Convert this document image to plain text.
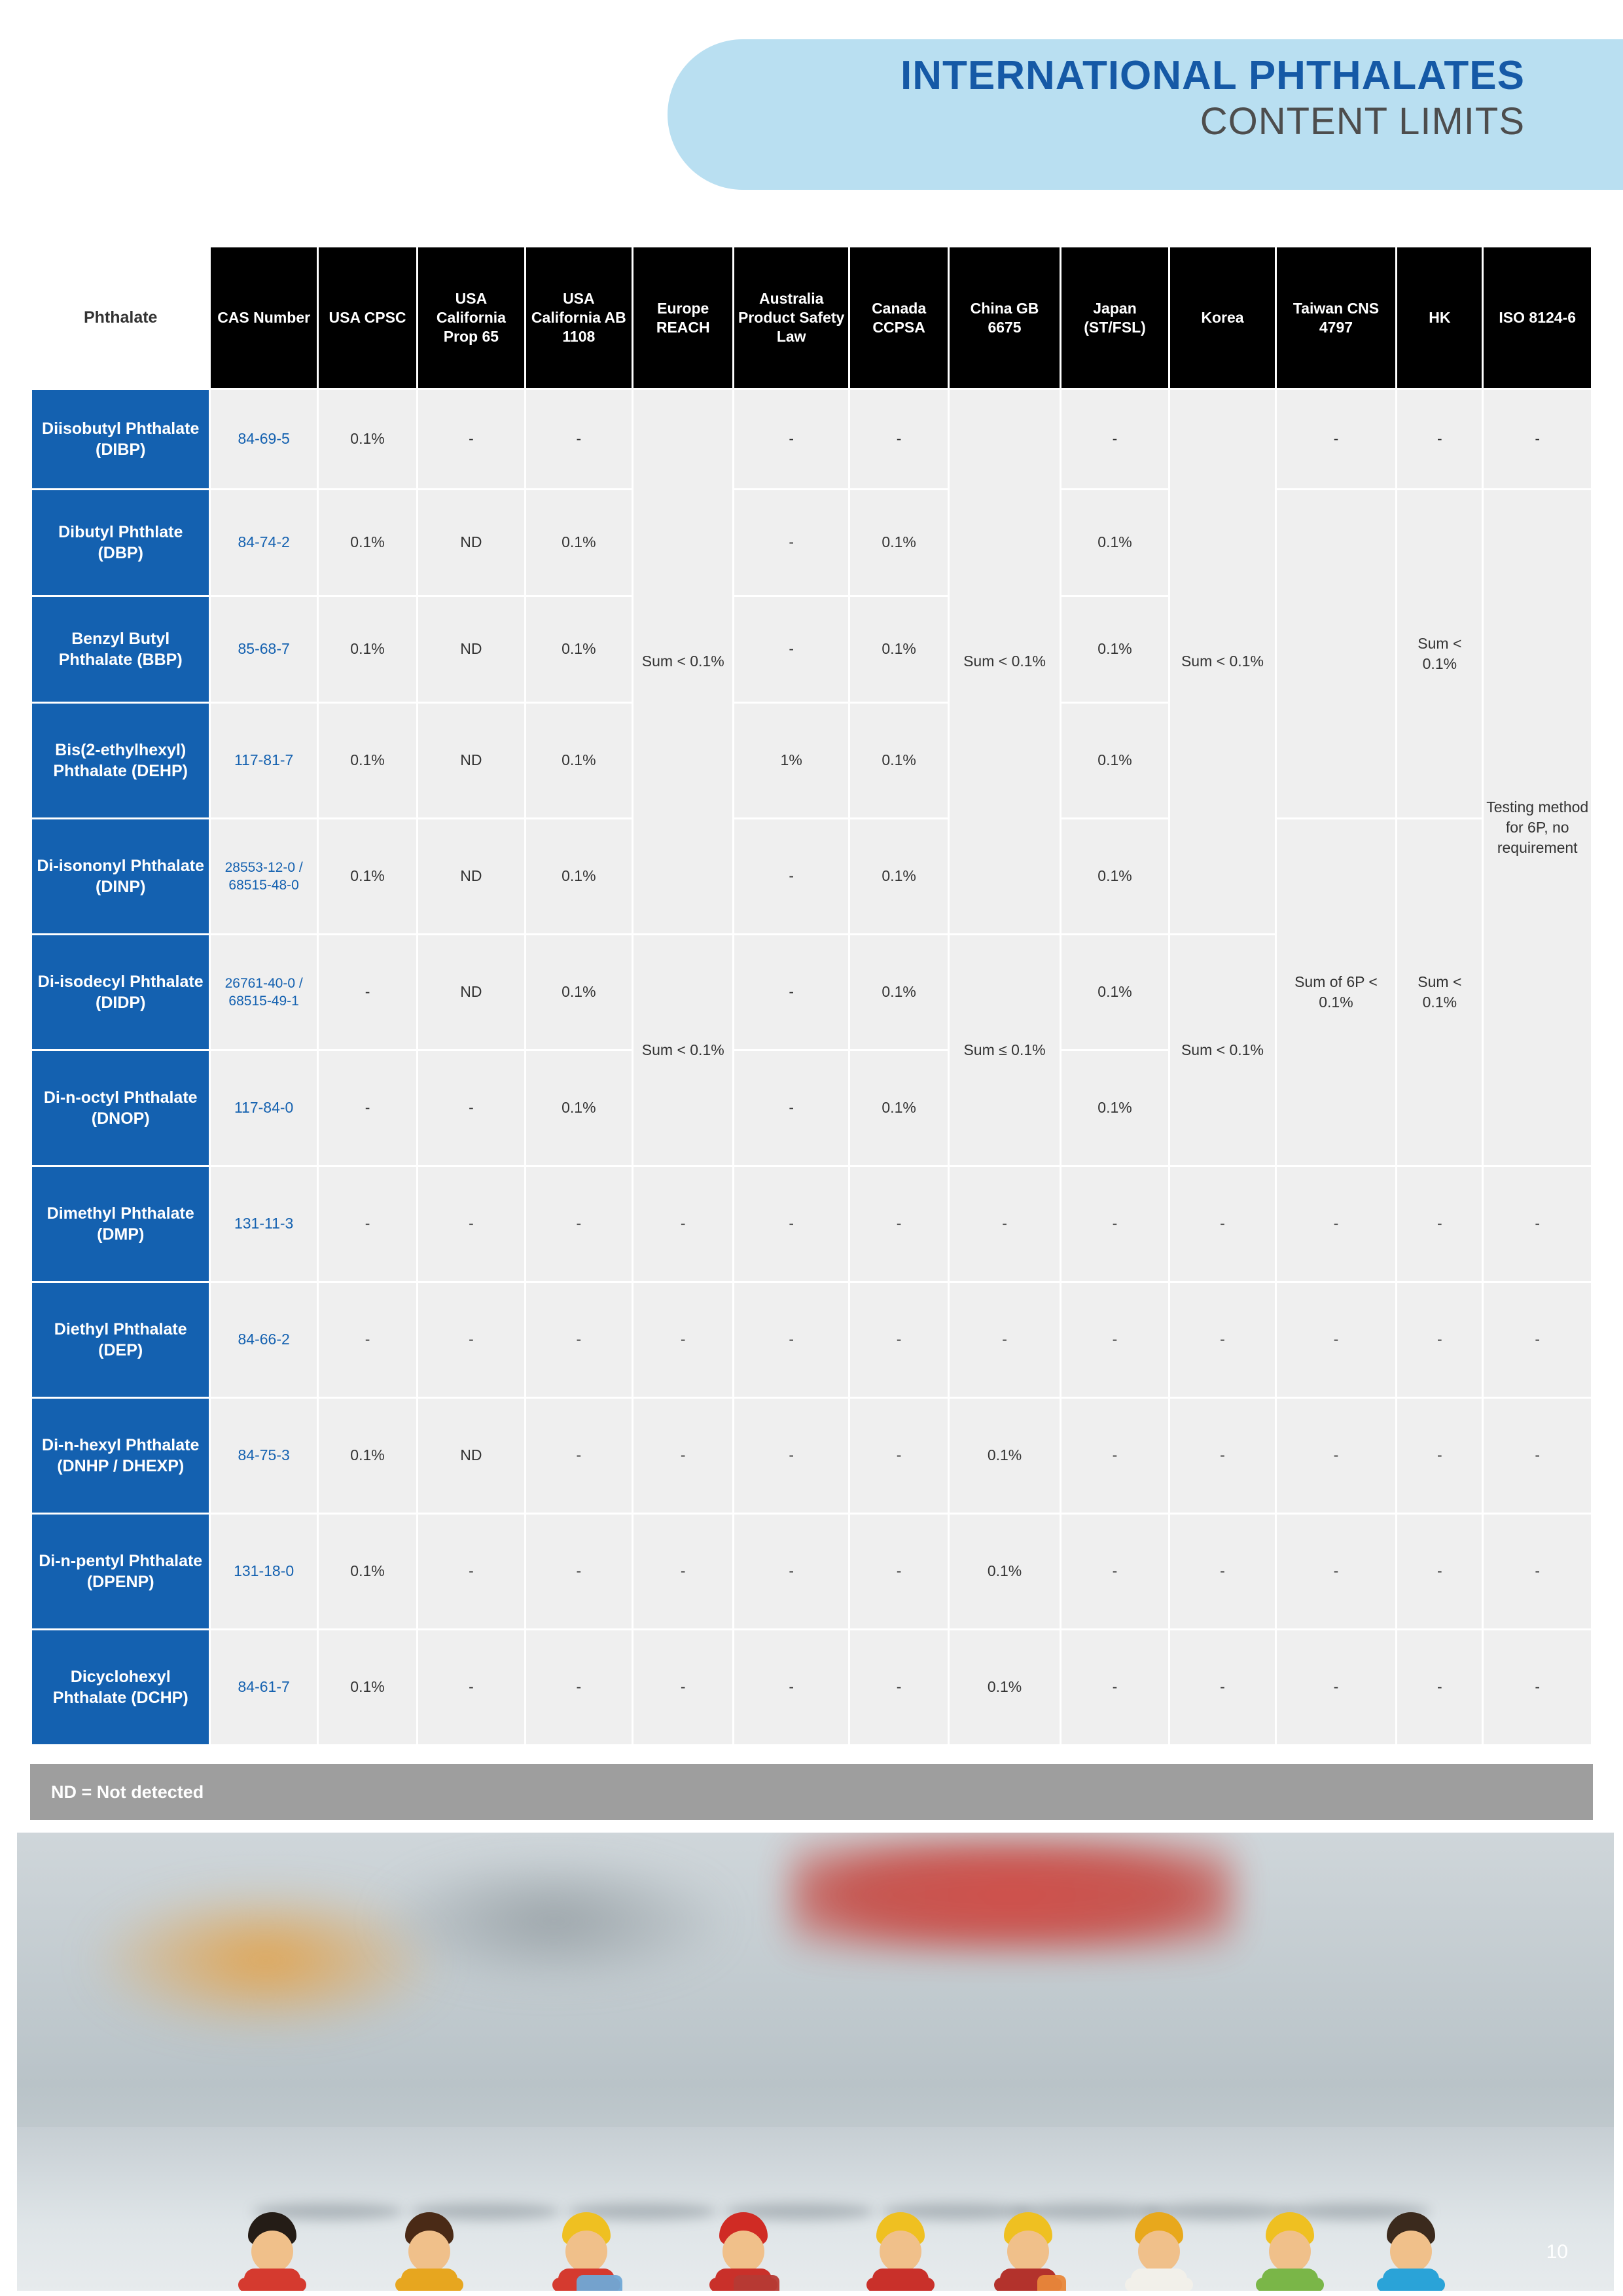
INTERNATIONAL PHTHALATES
CONTENT LIMITS
Phthalate	CAS Number	USA CPSC	USA California Prop 65	USA California AB 1108	Europe REACH	Australia Product Safety Law	Canada CCPSA	China GB 6675	Japan (ST/FSL)	Korea	Taiwan CNS 4797	HK	ISO 8124-6
Diisobutyl Phthalate (DIBP)	84-69-5	0.1%	-	-	Sum < 0.1%	-	-	Sum < 0.1%	-	Sum < 0.1%	-	-	-
Dibutyl Phthlate (DBP)	84-74-2	0.1%	ND	0.1%		-	0.1%		0.1%			Sum < 0.1%	Testing method for 6P, no requirement
Benzyl Butyl Phthalate (BBP)	85-68-7	0.1%	ND	0.1%		-	0.1%		0.1%				
Bis(2-ethylhexyl) Phthalate (DEHP)	117-81-7	0.1%	ND	0.1%		1%	0.1%		0.1%				
Di-isononyl Phthalate (DINP)	28553-12-0 / 68515-48-0	0.1%	ND	0.1%		-	0.1%		0.1%		Sum of 6P < 0.1%	Sum < 0.1%	
Di-isodecyl Phthalate (DIDP)	26761-40-0 / 68515-49-1	-	ND	0.1%	Sum < 0.1%	-	0.1%	Sum ≤ 0.1%	0.1%	Sum < 0.1%			
Di-n-octyl Phthalate (DNOP)	117-84-0	-	-	0.1%		-	0.1%		0.1%				
Dimethyl Phthalate (DMP)	131-11-3	-	-	-	-	-	-	-	-	-	-	-	-
Diethyl Phthalate (DEP)	84-66-2	-	-	-	-	-	-	-	-	-	-	-	-
Di-n-hexyl Phthalate (DNHP / DHEXP)	84-75-3	0.1%	ND	-	-	-	-	0.1%	-	-	-	-	-
Di-n-pentyl Phthalate (DPENP)	131-18-0	0.1%	-	-	-	-	-	0.1%	-	-	-	-	-
Dicyclohexyl Phthalate (DCHP)	84-61-7	0.1%	-	-	-	-	-	0.1%	-	-	-	-	-
ND = Not detected
10
